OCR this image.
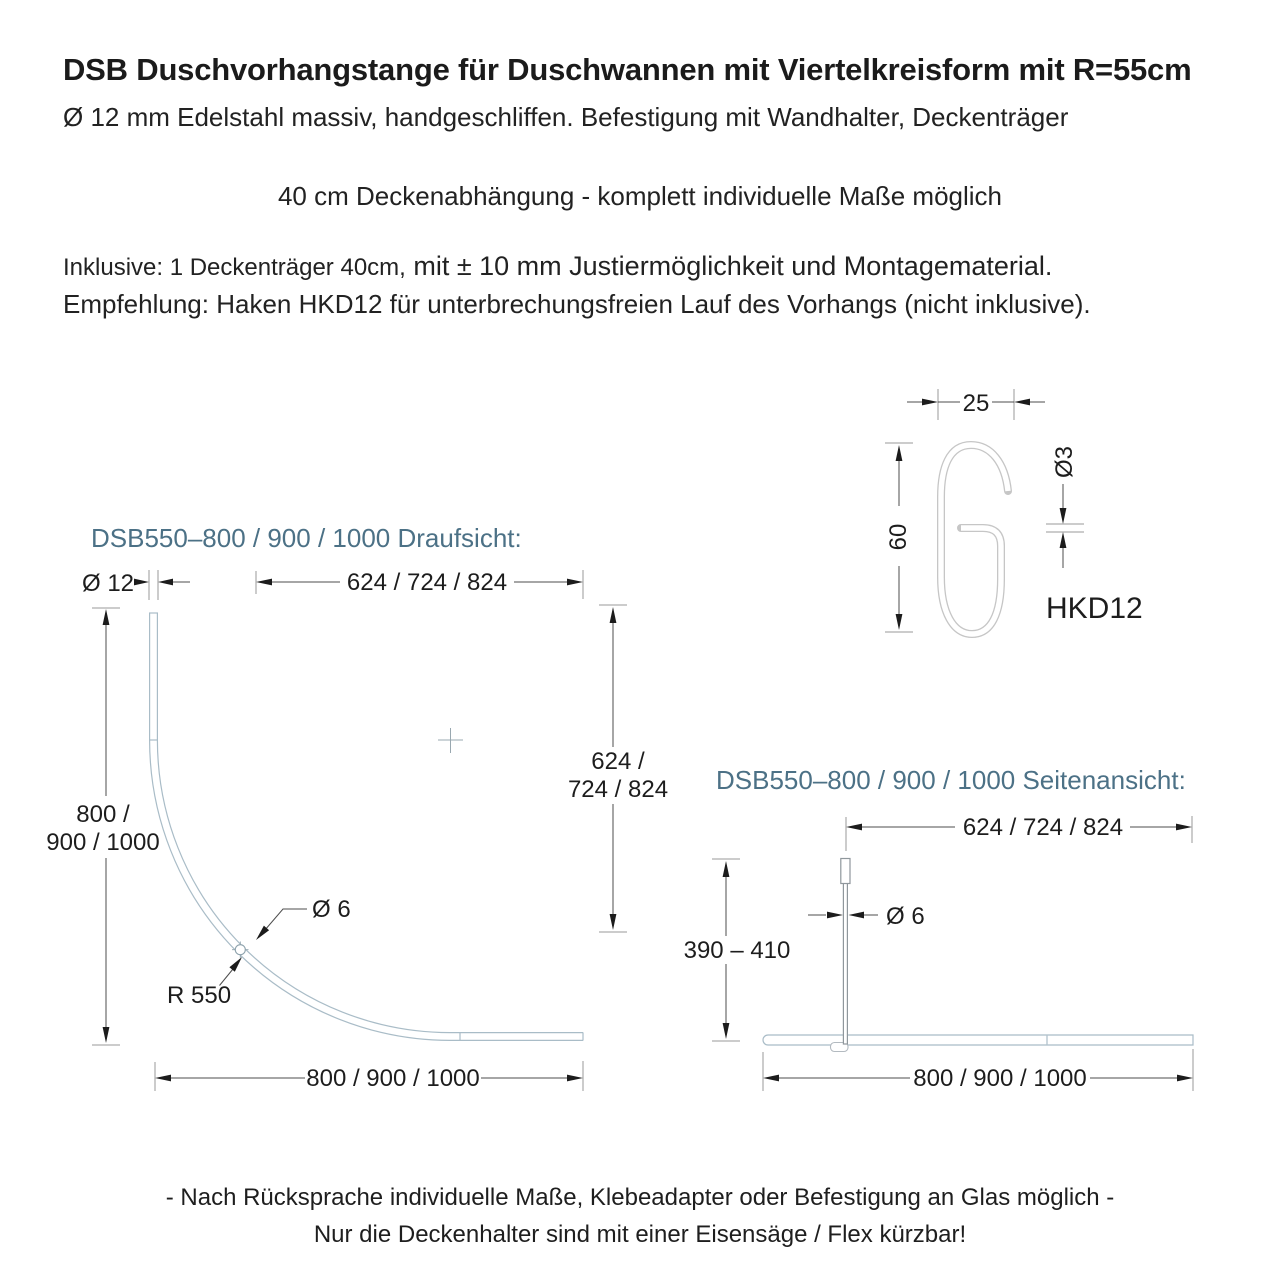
DSB Duschvorhangstange für Duschwannen mit Viertelkreisform mit R=55cm
Ø 12 mm Edelstahl massiv, handgeschliffen. Befestigung mit Wandhalter, Deckenträger
40 cm Deckenabhängung - komplett individuelle Maße möglich
Inklusive: 1 Deckenträger 40cm, mit ± 10 mm Justiermöglichkeit und Montagematerial.
Empfehlung: Haken HKD12 für unterbrechungsfreien Lauf des Vorhangs (nicht inklusive).
DSB550–800 / 900 / 1000 Draufsicht:
DSB550–800 / 900 / 1000 Seitenansicht:
Ø 12	624 / 724 / 824
800 /
900 / 1000
624 /
724 / 824
800 / 900 / 1000
Ø 6
R 550
25
60
Ø3
HKD12
624 / 724 / 824
390 – 410
Ø 6
800 / 900 / 1000
- Nach Rücksprache individuelle Maße, Klebeadapter oder Befestigung an Glas möglich -
Nur die Deckenhalter sind mit einer Eisensäge / Flex kürzbar!
